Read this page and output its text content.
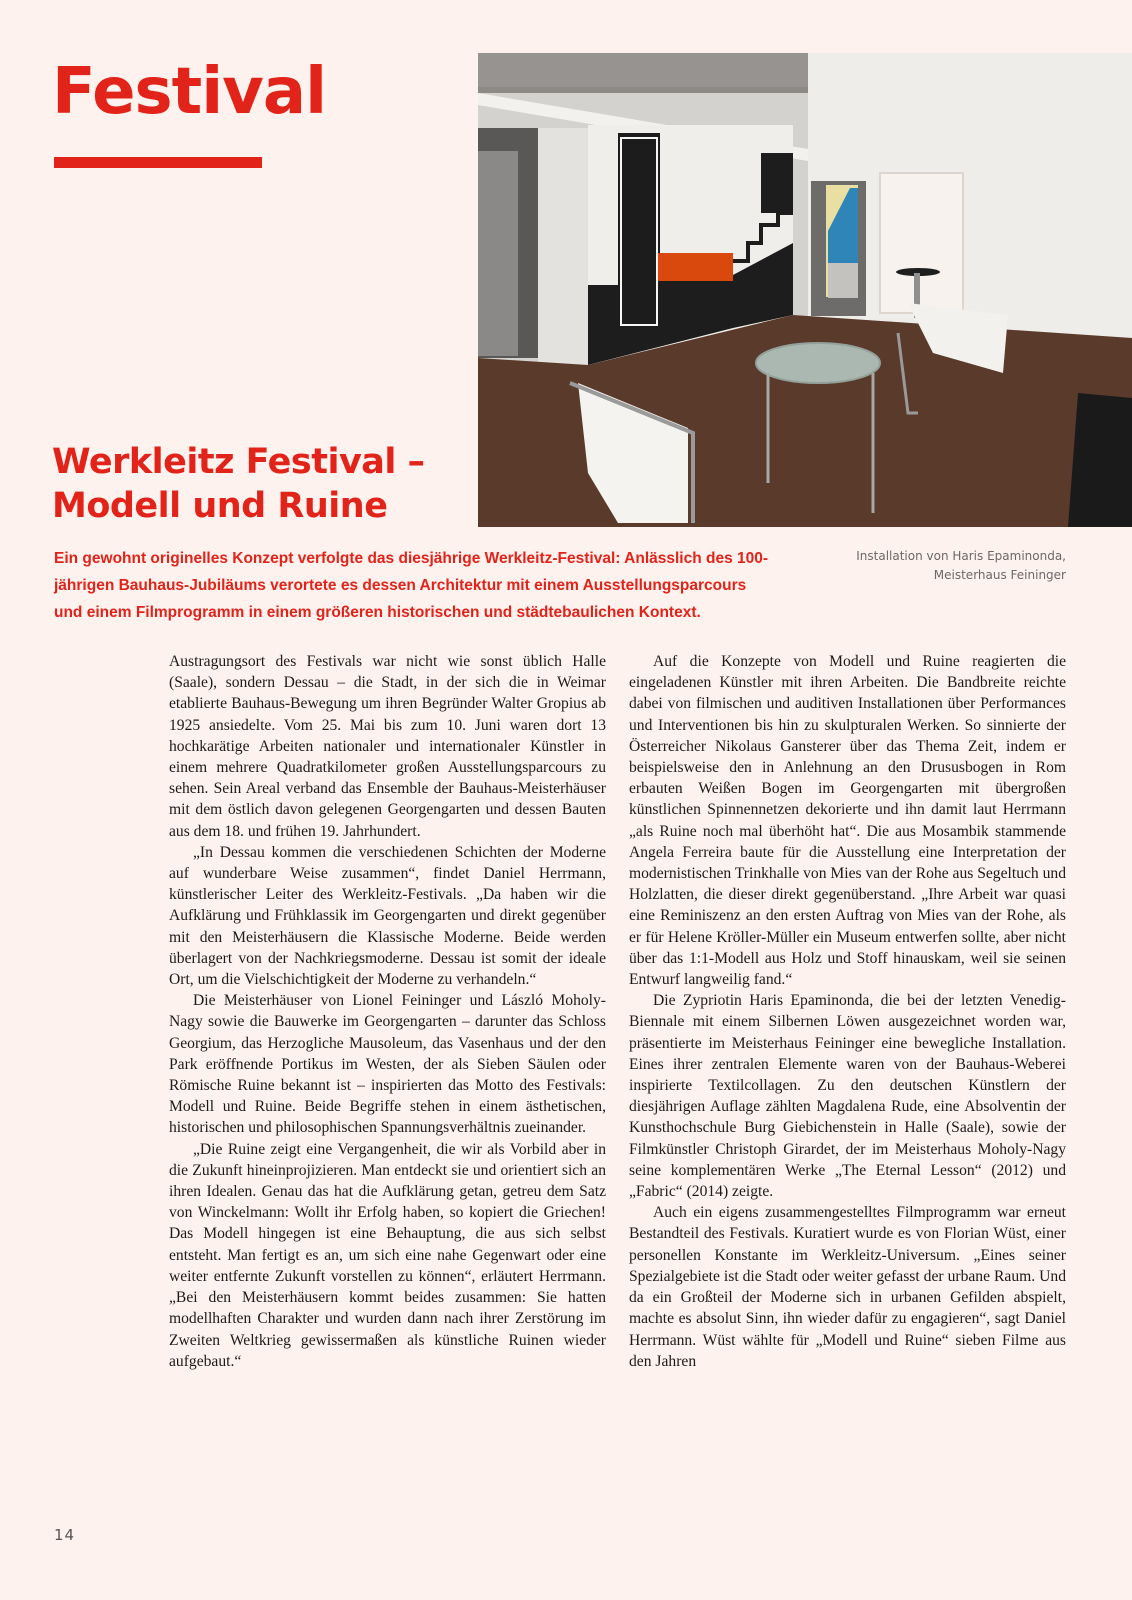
Festival
Installation von Haris Epaminonda,
Meisterhaus Feininger
Werkleitz Festival – Modell und Ruine

Ein gewohnt originelles Konzept verfolgte das diesjährige Werkleitz-Festival: Anlässlich des 100-jährigen Bauhaus-Jubiläums verortete es dessen Architektur mit einem Ausstellungsparcours und einem Filmprogramm in einem größeren historischen und städtebaulichen Kontext.

Austragungsort des Festivals war nicht wie sonst üblich Halle (Saale), sondern Dessau – die Stadt, in der sich die in Weimar etablierte Bauhaus-Bewegung um ihren Begründer Walter Gropius ab 1925 ansiedelte. Vom 25. Mai bis zum 10. Juni waren dort 13 hochkarätige Arbeiten nationaler und internationaler Künstler in einem mehrere Quadratkilometer großen Ausstellungsparcours zu sehen. Sein Areal verband das Ensemble der Bauhaus-Meisterhäuser mit dem östlich davon gelegenen Georgengarten und dessen Bauten aus dem 18. und frühen 19. Jahrhundert.

„In Dessau kommen die verschiedenen Schichten der Moderne auf wunderbare Weise zusammen“, findet Daniel Herrmann, künstlerischer Leiter des Werkleitz-Festivals. „Da haben wir die Aufklärung und Frühklassik im Georgengarten und direkt gegenüber mit den Meisterhäusern die Klassische Moderne. Beide werden überlagert von der Nachkriegsmoderne. Dessau ist somit der ideale Ort, um die Vielschichtigkeit der Moderne zu verhandeln.“

Die Meisterhäuser von Lionel Feininger und László Moholy-Nagy sowie die Bauwerke im Georgengarten – darunter das Schloss Georgium, das Herzogliche Mausoleum, das Vasenhaus und der den Park eröffnende Portikus im Westen, der als Sieben Säulen oder Römische Ruine bekannt ist – inspirierten das Motto des Festivals: Modell und Ruine. Beide Begriffe stehen in einem ästhetischen, historischen und philosophischen Spannungsverhältnis zueinander.

„Die Ruine zeigt eine Vergangenheit, die wir als Vorbild aber in die Zukunft hineinprojizieren. Man entdeckt sie und orientiert sich an ihren Idealen. Genau das hat die Aufklärung getan, getreu dem Satz von Winckelmann: Wollt ihr Erfolg haben, so kopiert die Griechen! Das Modell hingegen ist eine Behauptung, die aus sich selbst entsteht. Man fertigt es an, um sich eine nahe Gegenwart oder eine weiter entfernte Zukunft vorstellen zu können“, erläutert Herrmann. „Bei den Meisterhäusern kommt beides zusammen: Sie hatten modellhaften Charakter und wurden dann nach ihrer Zerstörung im Zweiten Weltkrieg gewissermaßen als künstliche Ruinen wieder aufgebaut.“

Auf die Konzepte von Modell und Ruine reagierten die eingeladenen Künstler mit ihren Arbeiten. Die Bandbreite reichte dabei von filmischen und auditiven Installationen über Performances und Interventionen bis hin zu skulpturalen Werken. So sinnierte der Österreicher Nikolaus Gansterer über das Thema Zeit, indem er beispielsweise den in Anlehnung an den Drususbogen in Rom erbauten Weißen Bogen im Georgengarten mit übergroßen künstlichen Spinnennetzen dekorierte und ihn damit laut Herrmann „als Ruine noch mal überhöht hat“. Die aus Mosambik stammende Angela Ferreira baute für die Ausstellung eine Interpretation der modernistischen Trinkhalle von Mies van der Rohe aus Segeltuch und Holzlatten, die dieser direkt gegenüberstand. „Ihre Arbeit war quasi eine Reminiszenz an den ersten Auftrag von Mies van der Rohe, als er für Helene Kröller-Müller ein Museum entwerfen sollte, aber nicht über das 1:1-Modell aus Holz und Stoff hinauskam, weil sie seinen Entwurf langweilig fand.“

Die Zypriotin Haris Epaminonda, die bei der letzten Venedig-Biennale mit einem Silbernen Löwen ausgezeichnet worden war, präsentierte im Meisterhaus Feininger eine bewegliche Installation. Eines ihrer zentralen Elemente waren von der Bauhaus-Weberei inspirierte Textilcollagen. Zu den deutschen Künstlern der diesjährigen Auflage zählten Magdalena Rude, eine Absolventin der Kunsthochschule Burg Giebichenstein in Halle (Saale), sowie der Filmkünstler Christoph Girardet, der im Meisterhaus Moholy-Nagy seine komplementären Werke „The Eternal Lesson“ (2012) und „Fabric“ (2014) zeigte.

Auch ein eigens zusammengestelltes Filmprogramm war erneut Bestandteil des Festivals. Kuratiert wurde es von Florian Wüst, einer personellen Konstante im Werkleitz-Universum. „Eines seiner Spezialgebiete ist die Stadt oder weiter gefasst der urbane Raum. Und da ein Großteil der Moderne sich in urbanen Gefilden abspielt, machte es absolut Sinn, ihn wieder dafür zu engagieren“, sagt Daniel Herrmann. Wüst wählte für „Modell und Ruine“ sieben Filme aus den Jahren

14
